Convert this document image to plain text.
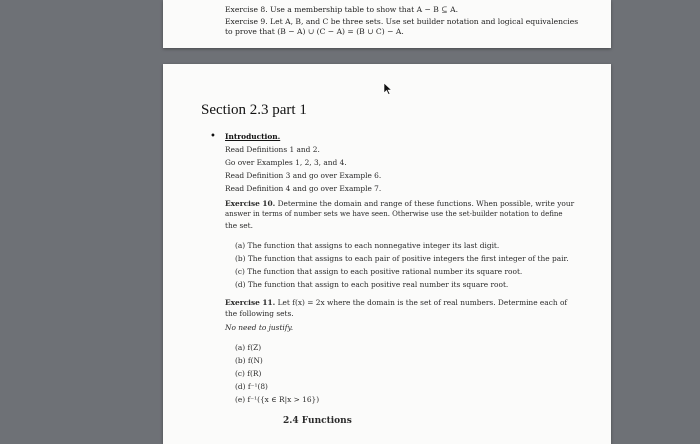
Exercise 8. Use a membership table to show that A − B ⊆ A.
Exercise 9. Let A, B, and C be three sets. Use set builder notation and logical equivalencies
to prove that (B − A) ∪ (C − A) = (B ∪ C) − A.
Section 2.3 part 1
• Introduction.
Read Definitions 1 and 2.
Go over Examples 1, 2, 3, and 4.
Read Definition 3 and go over Example 6.
Read Definition 4 and go over Example 7.
Exercise 10. Determine the domain and range of these functions. When possible, write your
answer in terms of number sets we have seen. Otherwise use the set-builder notation to define
the set.
(a) The function that assigns to each nonnegative integer its last digit.
(b) The function that assigns to each pair of positive integers the first integer of the pair.
(c) The function that assign to each positive rational number its square root.
(d) The function that assign to each positive real number its square root.
Exercise 11. Let f(x) = 2x where the domain is the set of real numbers. Determine each of
the following sets.
No need to justify.
(a) f(Z)
(b) f(N)
(c) f(R)
(d) f⁻¹(8)
(e) f⁻¹({x ∈ R|x > 16})
2.4 Functions
